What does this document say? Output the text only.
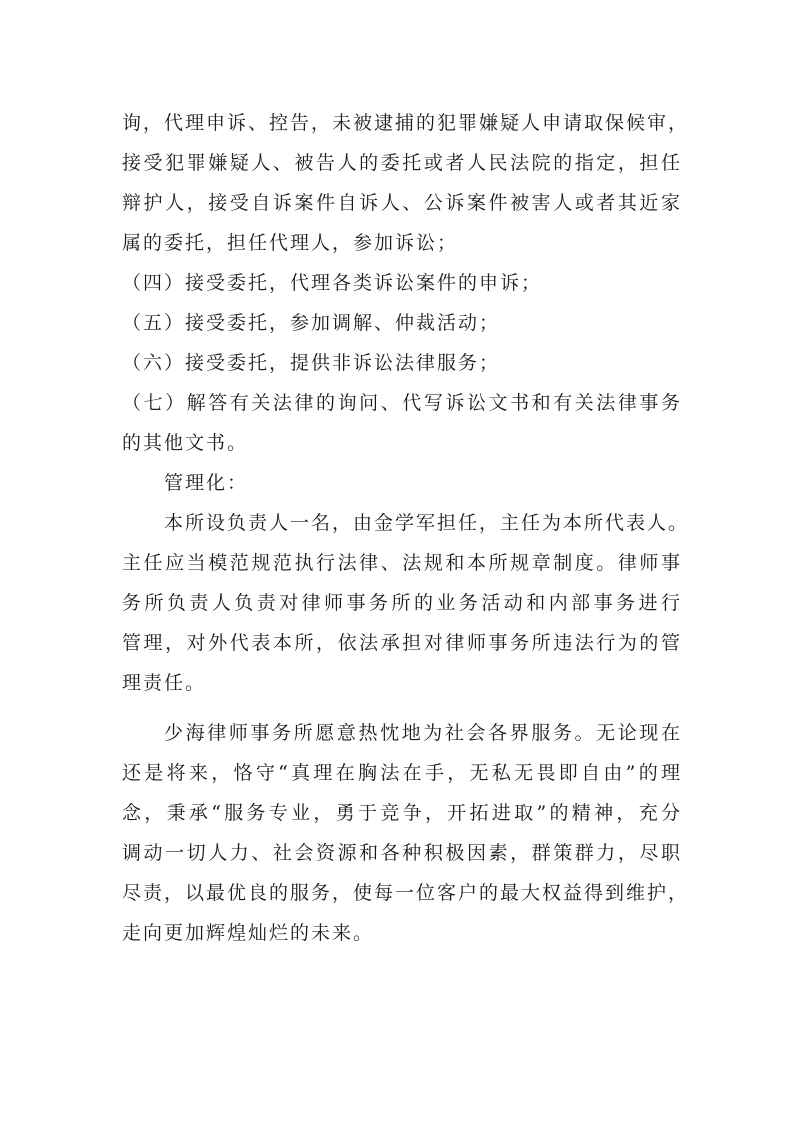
询，代理申诉、控告，未被逮捕的犯罪嫌疑人申请取保候审，
接受犯罪嫌疑人、被告人的委托或者人民法院的指定，担任
辩护人，接受自诉案件自诉人、公诉案件被害人或者其近家
属的委托，担任代理人，参加诉讼；
（四）接受委托，代理各类诉讼案件的申诉；
（五）接受委托，参加调解、仲裁活动；
（六）接受委托，提供非诉讼法律服务；
（七）解答有关法律的询问、代写诉讼文书和有关法律事务
的其他文书。
管理化：
本所设负责人一名，由金学军担任，主任为本所代表人。
主任应当模范规范执行法律、法规和本所规章制度。律师事
务所负责人负责对律师事务所的业务活动和内部事务进行
管理，对外代表本所，依法承担对律师事务所违法行为的管
理责任。
少海律师事务所愿意热忱地为社会各界服务。无论现在
还是将来，恪守“真理在胸法在手，无私无畏即自由”的理
念，秉承“服务专业，勇于竞争，开拓进取”的精神，充分
调动一切人力、社会资源和各种积极因素，群策群力，尽职
尽责，以最优良的服务，使每一位客户的最大权益得到维护，
走向更加辉煌灿烂的未来。
